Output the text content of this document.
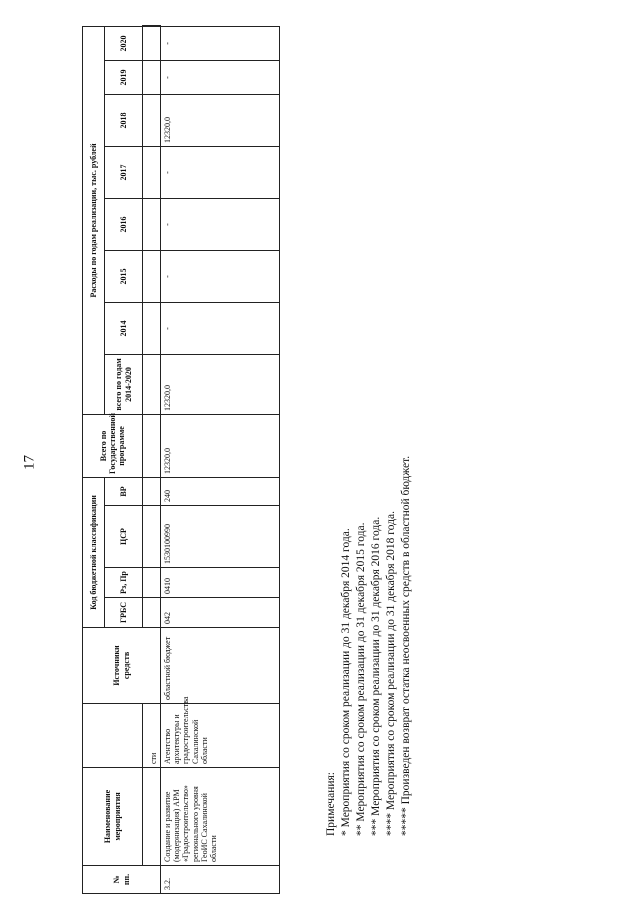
17
№ пп.	Наименование мероприятия		Источники средств	Код бюджетной классификации				Всего по Государственной программе	Расходы по годам реализации, тыс. рублей								
				ГРБС	Рз, Пр	ЦСР	ВР		всего по годам 2014-2020	2014	2015	2016	2017	2018	2019	2020	
		сти															
3.2.	Создание и развитие (модернизация) АРМ «Градостроительство» регионального уровня ГеоИС Сахалинской области	Агентство архитектуры и градостроительства Сахалинской области	областной бюджет	042	0410	1530100990	240	12320,0	12320,0	-	-	-	-	12320,0	-	-	
Примечания: * Мероприятия со сроком реализации до 31 декабря 2014 года. ** Мероприятия со сроком реализации до 31 декабря 2015 года. *** Мероприятия со сроком реализации до 31 декабря 2016 года. **** Мероприятия со сроком реализации до 31 декабря 2018 года. ***** Произведен возврат остатка неосвоенных средств в областной бюджет.
